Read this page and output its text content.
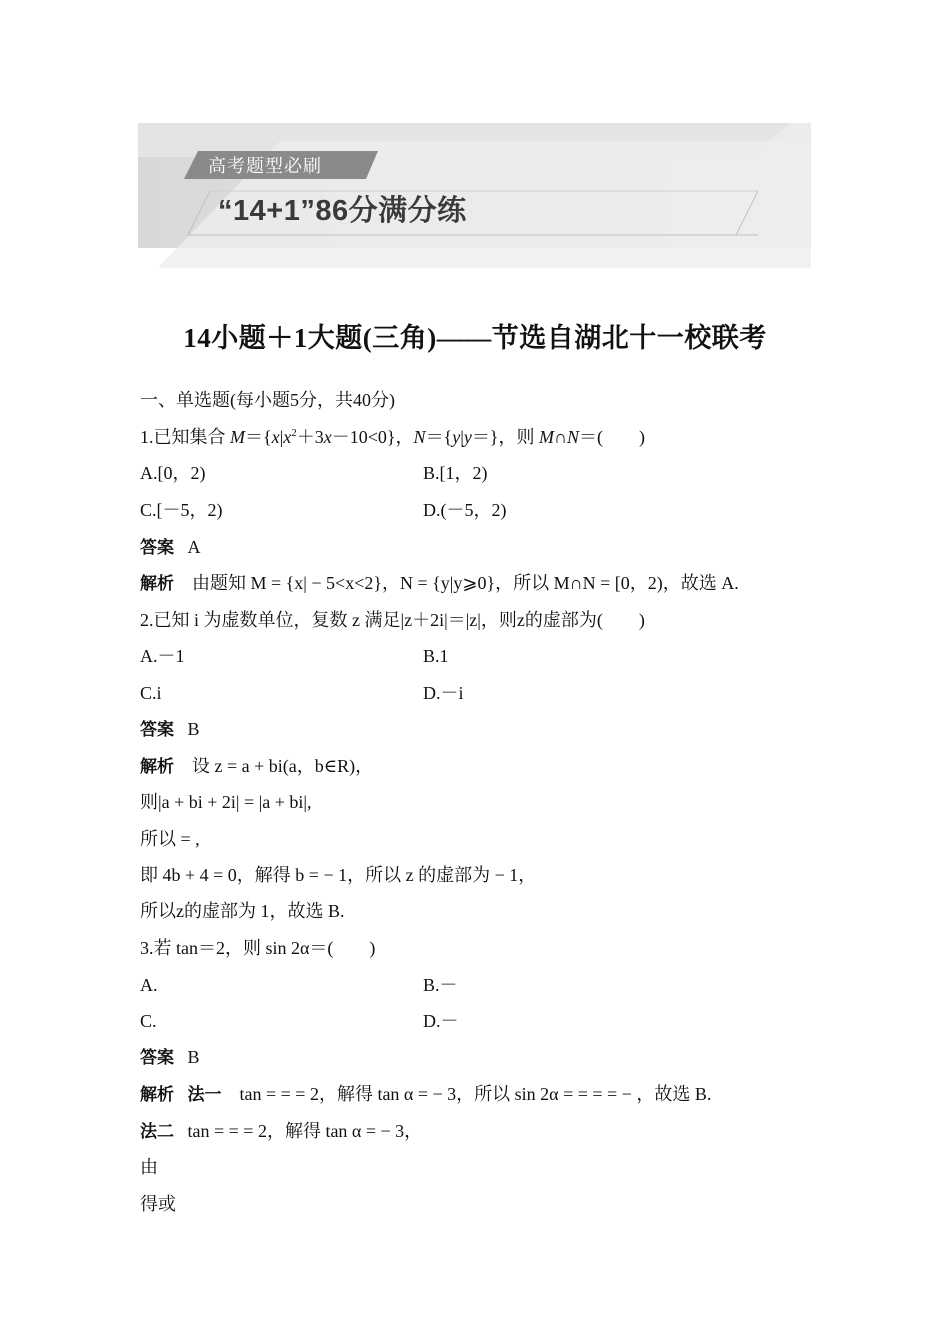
高考题型必刷
“14+1”86分满分练
14小题＋1大题(三角)——节选自湖北十一校联考
一、单选题(每小题5分，共40分)
1.已知集合 $M=\{x|x^2+3x-10<0\}$，N＝{y|y＝}，则 M∩N＝(　　)
A.[0，2)	B.[1，2)
C.[－5，2)	D.(－5，2)
答案 A
解析 由题知 M = {x| − 5<x<2}，N = {y|y⩾0}，所以 M∩N = [0，2)，故选 A.
2.已知 i 为虚数单位，复数 z 满足|z＋2i|＝|z|，则z的虚部为(　　)
A.－1	B.1
C.i	D.－i
答案 B
解析 设 z = a + bi(a，b∈R)，
则|a + bi + 2i| = |a + bi|,
所以 = ,
即 4b + 4 = 0，解得 b = − 1，所以 z 的虚部为 − 1，
所以z的虚部为 1，故选 B.
3.若 tan＝2，则 sin 2α＝(　　)
A.	B.－
C.	D.－
答案 B
解析 法一 tan = = = 2，解得 tan α = − 3，所以 sin 2α = = = = − ，故选 B.
法二 tan = = = 2，解得 tan α = − 3，
由
得或
